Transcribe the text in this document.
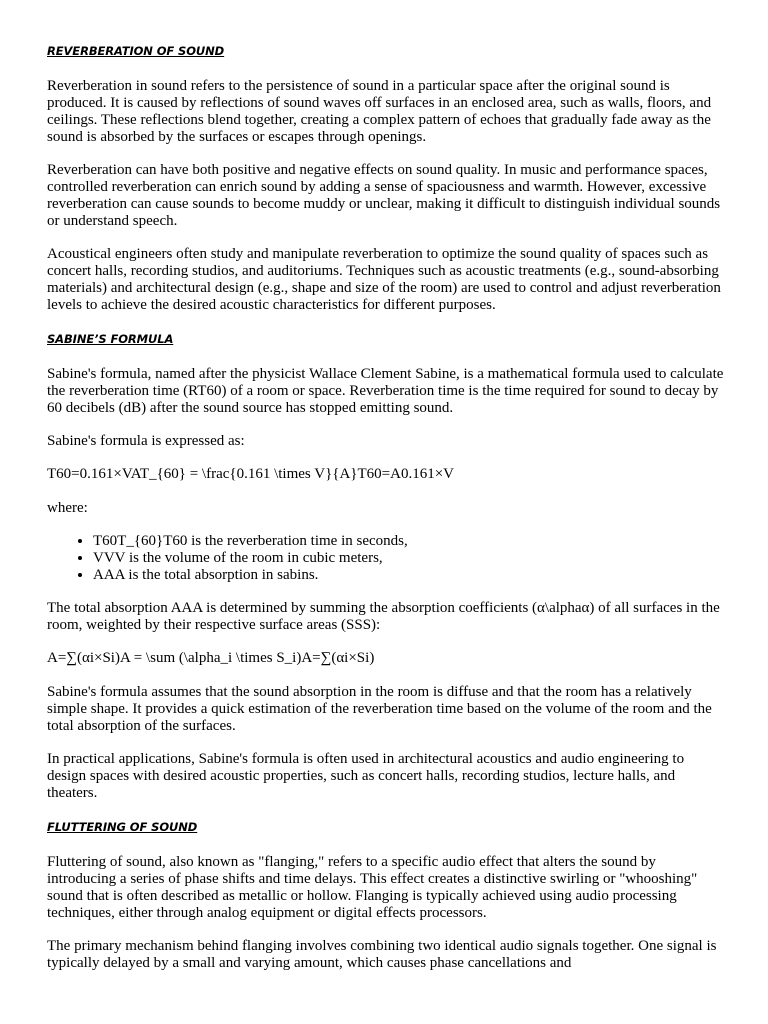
REVERBERATION OF SOUND

Reverberation in sound refers to the persistence of sound in a particular space after the original sound is produced. It is caused by reflections of sound waves off surfaces in an enclosed area, such as walls, floors, and ceilings. These reflections blend together, creating a complex pattern of echoes that gradually fade away as the sound is absorbed by the surfaces or escapes through openings.

Reverberation can have both positive and negative effects on sound quality. In music and performance spaces, controlled reverberation can enrich sound by adding a sense of spaciousness and warmth. However, excessive reverberation can cause sounds to become muddy or unclear, making it difficult to distinguish individual sounds or understand speech.

Acoustical engineers often study and manipulate reverberation to optimize the sound quality of spaces such as concert halls, recording studios, and auditoriums. Techniques such as acoustic treatments (e.g., sound-absorbing materials) and architectural design (e.g., shape and size of the room) are used to control and adjust reverberation levels to achieve the desired acoustic characteristics for different purposes.

SABINE’S FORMULA

Sabine's formula, named after the physicist Wallace Clement Sabine, is a mathematical formula used to calculate the reverberation time (RT60) of a room or space. Reverberation time is the time required for sound to decay by 60 decibels (dB) after the sound source has stopped emitting sound.

Sabine's formula is expressed as:

T60=0.161×VAT_{60} = \frac{0.161 \times V}{A}T60=A0.161×V

where:

• T60T_{60}T60 is the reverberation time in seconds,
• VVV is the volume of the room in cubic meters,
• AAA is the total absorption in sabins.

The total absorption AAA is determined by summing the absorption coefficients (α\alphaα) of all surfaces in the room, weighted by their respective surface areas (SSS):

A=∑(αi×Si)A = \sum (\alpha_i \times S_i)A=∑(αi×Si)

Sabine's formula assumes that the sound absorption in the room is diffuse and that the room has a relatively simple shape. It provides a quick estimation of the reverberation time based on the volume of the room and the total absorption of the surfaces.

In practical applications, Sabine's formula is often used in architectural acoustics and audio engineering to design spaces with desired acoustic properties, such as concert halls, recording studios, lecture halls, and theaters.

FLUTTERING OF SOUND

Fluttering of sound, also known as "flanging," refers to a specific audio effect that alters the sound by introducing a series of phase shifts and time delays. This effect creates a distinctive swirling or "whooshing" sound that is often described as metallic or hollow. Flanging is typically achieved using audio processing techniques, either through analog equipment or digital effects processors.

The primary mechanism behind flanging involves combining two identical audio signals together. One signal is typically delayed by a small and varying amount, which causes phase cancellations and
